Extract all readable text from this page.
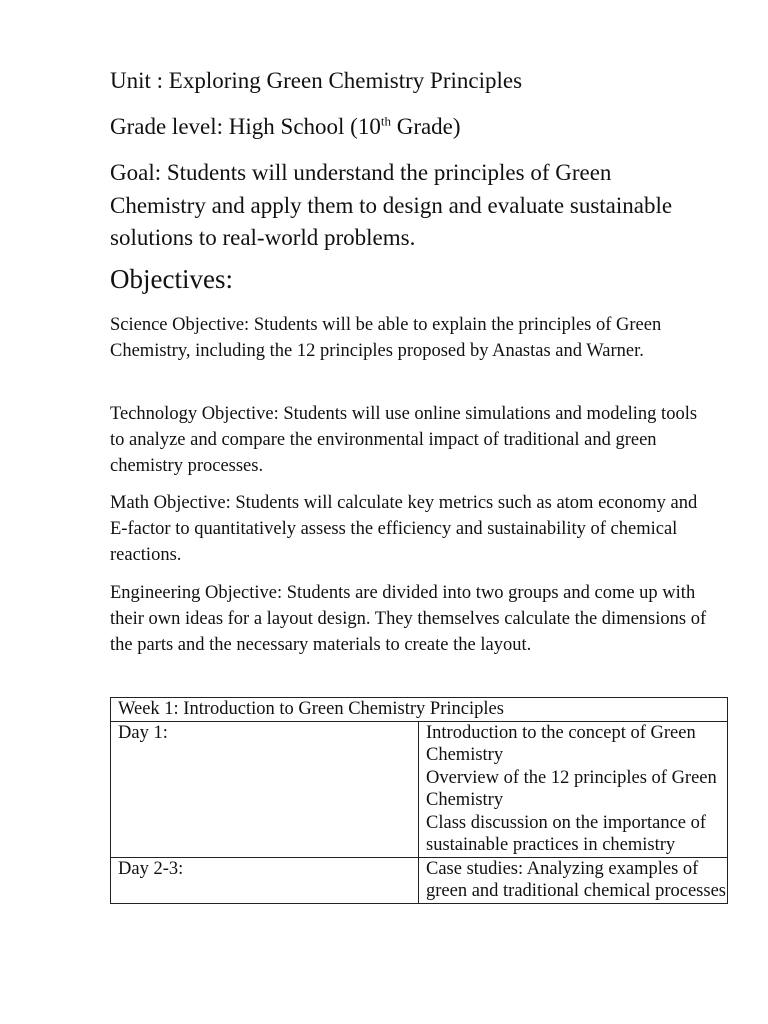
Unit : Exploring Green Chemistry Principles

Grade level: High School (10th Grade)

Goal: Students will understand the principles of Green Chemistry and apply them to design and evaluate sustainable solutions to real-world problems.

Objectives:

Science Objective: Students will be able to explain the principles of Green Chemistry, including the 12 principles proposed by Anastas and Warner.

Technology Objective: Students will use online simulations and modeling tools to analyze and compare the environmental impact of traditional and green chemistry processes.

Math Objective: Students will calculate key metrics such as atom economy and E-factor to quantitatively assess the efficiency and sustainability of chemical reactions.

Engineering Objective: Students are divided into two groups and come up with their own ideas for a layout design. They themselves calculate the dimensions of the parts and the necessary materials to create the layout.

Week 1: Introduction to Green Chemistry Principles	
Day 1:	Introduction to the concept of Green Chemistry
Overview of the 12 principles of Green Chemistry
Class discussion on the importance of sustainable practices in chemistry

Day 2-3:	Case studies: Analyzing examples of green and traditional chemical processes
